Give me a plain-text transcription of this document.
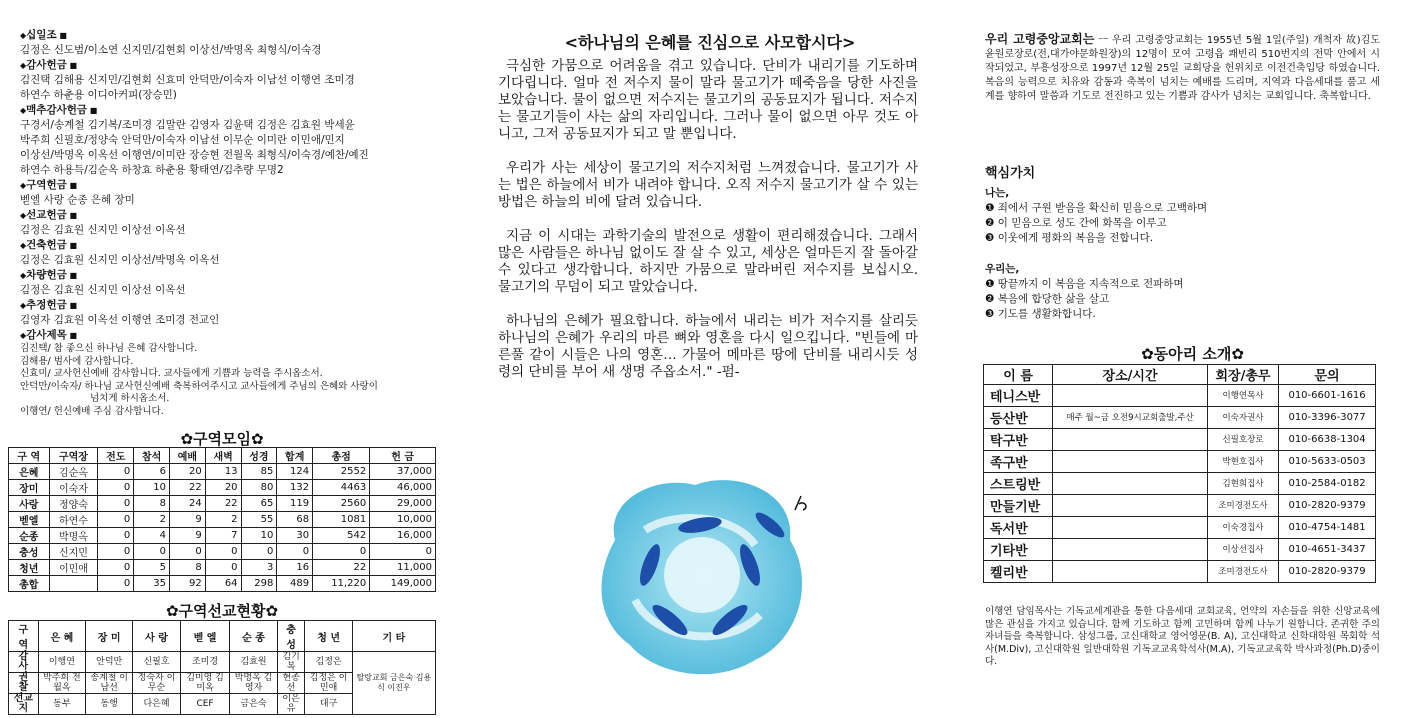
◆ 십일조 ■
김정은 신도범/이소연 신지민/김현회 이상선/박명옥 최형식/이숙경
◆ 감사헌금 ■
김진택 김해용 신지민/김현회 신효미 안덕만/이숙자 이남선 이행연 조미경
하연수 하춘용 이디아커피(장승민)
◆ 맥추감사헌금 ■
구경서/송계철 김기복/조미경 김말란 김영자 김윤택 김정은 김효원 박세윤
박주희 신필호/정양숙 안덕만/이숙자 이남선 이무순 이미란 이민애/민지
이상선/박명옥 이옥선 이행연/이미란 장승현 전월옥 최형식/이숙경/예찬/예진
하연수 하용득/김순옥 하창효 하춘용 황태연/김추량 무명2
◆ 구역헌금 ■
벧엘 사랑 순종 은혜 장미
◆ 선교헌금 ■
김정은 김효원 신지민 이상선 이옥선
◆ 건축헌금 ■
김정은 김효원 신지민 이상선/박명옥 이옥선
◆ 차량헌금 ■
김정은 김효원 신지민 이상선 이옥선
◆ 추정헌금 ■
김영자 김효원 이옥선 이행연 조미경 전교인
◆ 감사제목 ■
김진택/ 참 좋으신 하나님 은혜 감사합니다.
김해용/ 범사에 감사합니다.
신효미/ 교사헌신예배 감사합니다. 교사들에게 기쁨과 능력을 주시옵소서.
안덕만/이숙자/ 하나님 교사헌신예배 축복하여주시고 교사들에게 주님의 은혜와 사랑이
넘치게 하시옵소서.
이행연/ 헌신예배 주심 감사합니다.
✿구역모임✿
구 역	구역장	전도	참석	예배	새벽	성경	합계	총점	헌 금
은혜	김순옥	0	6	20	13	85	124	2552	37,000
장미	이숙자	0	10	22	20	80	132	4463	46,000
사랑	정양숙	0	8	24	22	65	119	2560	29,000
벧엘	하연수	0	2	9	2	55	68	1081	10,000
순종	박명옥	0	4	9	7	10	30	542	16,000
충성	신지민	0	0	0	0	0	0	0	0
청년	이민애	0	5	8	0	3	16	22	11,000
총합		0	35	92	64	298	489	11,220	149,000
✿구역선교현황✿
구 역	은 혜	장 미	사 랑	벧 엘	순 종	충 성	청 년	기 타
감 사	이행연	안덕만	신필호	조미경	김효원	김기복	김정은	탈랑교회 금은숙 김용식 이진우
권 찰	박주희 전월옥	송계철 이남선	정숙자 이무순	김미영 김미옥	박명옥 김영자	현종선	김정은 이민애	
선교지	동부	동행	다은혜	CEF	금은숙	이은유	대구	
<하나님의 은혜를 진심으로 사모합시다>

극심한 가뭄으로 어려움을 겪고 있습니다. 단비가 내리기를 기도하며 기다립니다. 얼마 전 저수지 물이 말라 물고기가 떼죽음을 당한 사진을 보았습니다. 물이 없으면 저수지는 물고기의 공동묘지가 됩니다. 저수지는 물고기들이 사는 삶의 자리입니다. 그러나 물이 없으면 아무 것도 아니고, 그저 공동묘지가 되고 말 뿐입니다.

우리가 사는 세상이 물고기의 저수지처럼 느껴졌습니다. 물고기가 사는 법은 하늘에서 비가 내려야 합니다. 오직 저수지 물고기가 살 수 있는 방법은 하늘의 비에 달려 있습니다.

지금 이 시대는 과학기술의 발전으로 생활이 편리해졌습니다. 그래서 많은 사람들은 하나님 없이도 잘 살 수 있고, 세상은 얼마든지 잘 돌아갈 수 있다고 생각합니다. 하지만 가뭄으로 말라버린 저수지를 보십시오. 물고기의 무덤이 되고 말았습니다.

하나님의 은혜가 필요합니다. 하늘에서 내리는 비가 저수지를 살리듯 하나님의 은혜가 우리의 마른 뼈와 영혼을 다시 일으킵니다. "빈들에 마른풀 같이 시들은 나의 영혼… 가물어 메마른 땅에 단비를 내리시듯 성령의 단비를 부어 새 생명 주옵소서." -펌-

우리 고령중앙교회는 ㅡ 우리 고령중앙교회는 1955년 5월 1일(주일) 개척자 故)김도윤원로장로(전,대가야문화원장)의 12명이 모여 고령읍 쾌빈리 510번지의 전막 안에서 시작되었고, 부흥성장으로 1997년 12월 25일 교회당을 헌위치로 이전건축입당 하였습니다. 복음의 능력으로 치유와 감동과 축복이 넘치는 예배를 드리며, 지역과 다음세대를 품고 세계를 향하여 말씀과 기도로 전진하고 있는 기쁨과 감사가 넘치는 교회입니다. 축복합니다.
핵심가치
나는,
❶ 죄에서 구원 받음을 확신히 믿음으로 고백하며
❷ 이 믿음으로 성도 간에 화목을 이루고
❸ 이웃에게 평화의 복음을 전합니다.
우리는,
❶ 땅끝까지 이 복음을 지속적으로 전파하며
❷ 복음에 합당한 삶을 살고
❸ 기도를 생활화합니다.
✿동아리 소개✿
이 름	장소/시간	회장/총무	문의
테니스반		이행연목사	010-6601-1616
등산반	매주 월~금 오전9시교회출발,주산	이숙자권사	010-3396-3077
탁구반		신필호장로	010-6638-1304
족구반		박현호집사	010-5633-0503
스트링반		김현희집사	010-2584-0182
만들기반		조미경전도사	010-2820-9379
독서반		이숙경집사	010-4754-1481
기타반		이상선집사	010-4651-3437
켈리반		조미경전도사	010-2820-9379
이행연 담임목사는 기독교세계관을 통한 다음세대 교회교육, 언약의 자손들을 위한 신앙교육에 많은 관심을 가지고 있습니다. 함께 기도하고 함께 고민하며 함께 나누기 원합니다. 존귀한 주의 자녀들을 축복합니다. 삼성그룹, 고신대학교 영어영문(B. A), 고신대학교 신학대학원 목회학 석사(M.Div), 고신대학원 일반대학원 기독교교육학석사(M.A), 기독교교육학 박사과정(Ph.D)중이다.
